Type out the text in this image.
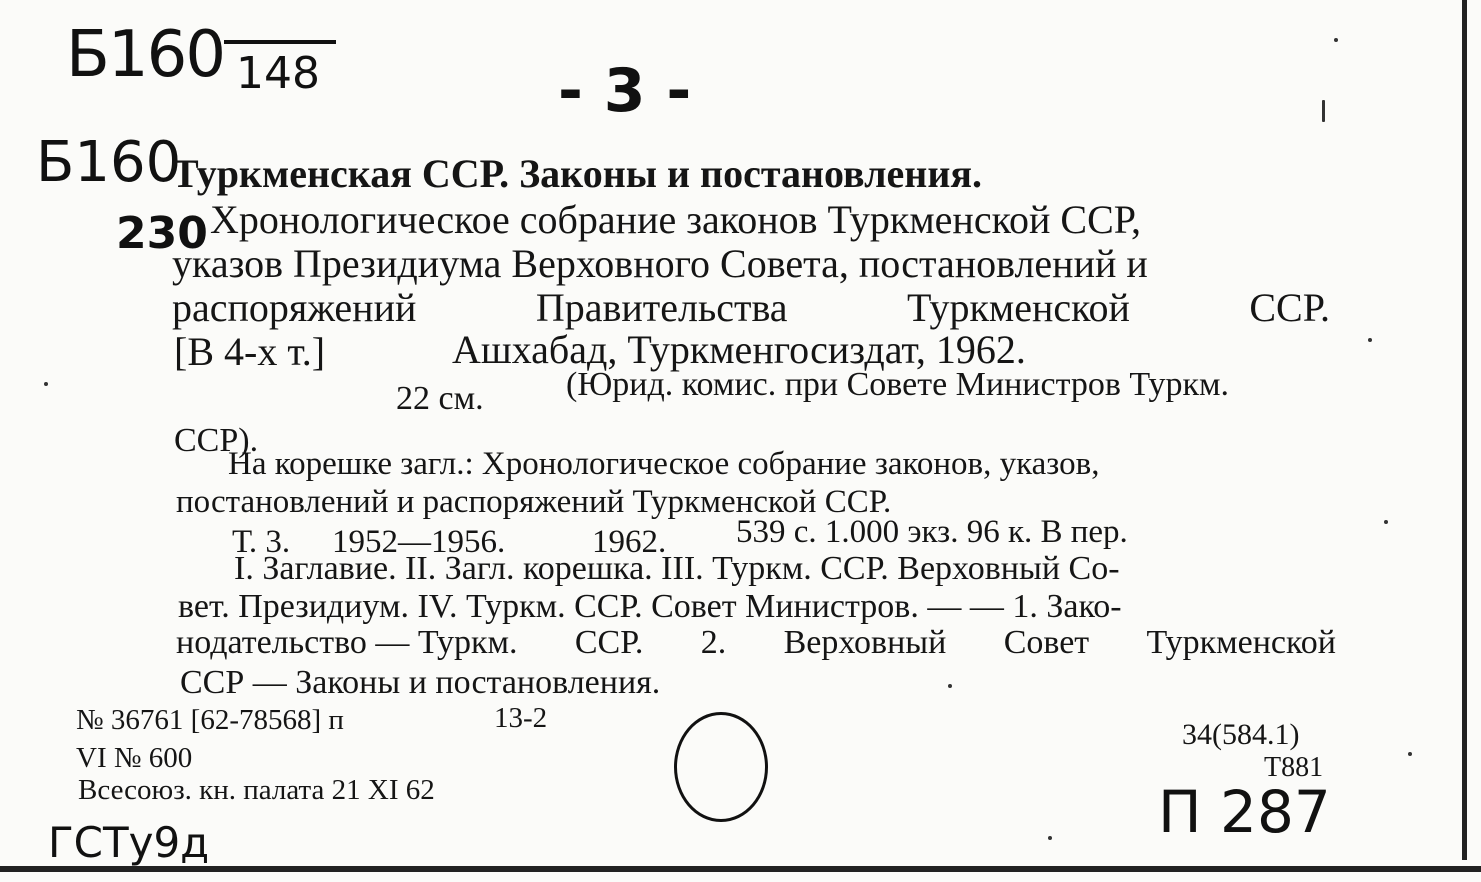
Б160 148	- 3 -
Б160
230
Туркменская ССР. Законы и постановления.
Хронологическое собрание законов Туркменской ССР,
указов Президиума Верховного Совета, постановлений и
распоряжений	Правительства	Туркменской	ССР.
[В 4-х т.]	Ашхабад, Туркменгосиздат, 1962.
22 см. (Юрид. комис. при Совете Министров Туркм.
ССР).
На корешке загл.: Хронологическое собрание законов, указов,
постановлений и распоряжений Туркменской ССР.
Т. 3. 1952—1956.	1962. 539 с. 1.000 экз. 96 к. В пер.
I. Заглавие. II. Загл. корешка. III. Туркм. ССР. Верховный Со-
вет. Президиум. IV. Туркм. ССР. Совет Министров. — — 1. Зако-
нодательство — Туркм. ССР. 2. Верховный Совет Туркменской
ССР — Законы и постановления.
№ 36761 [62-78568] п	13-2
VI № 600
Всесоюз. кн. палата 21 XI 62
34(584.1)
Т881
П 287
ГСТу9д
